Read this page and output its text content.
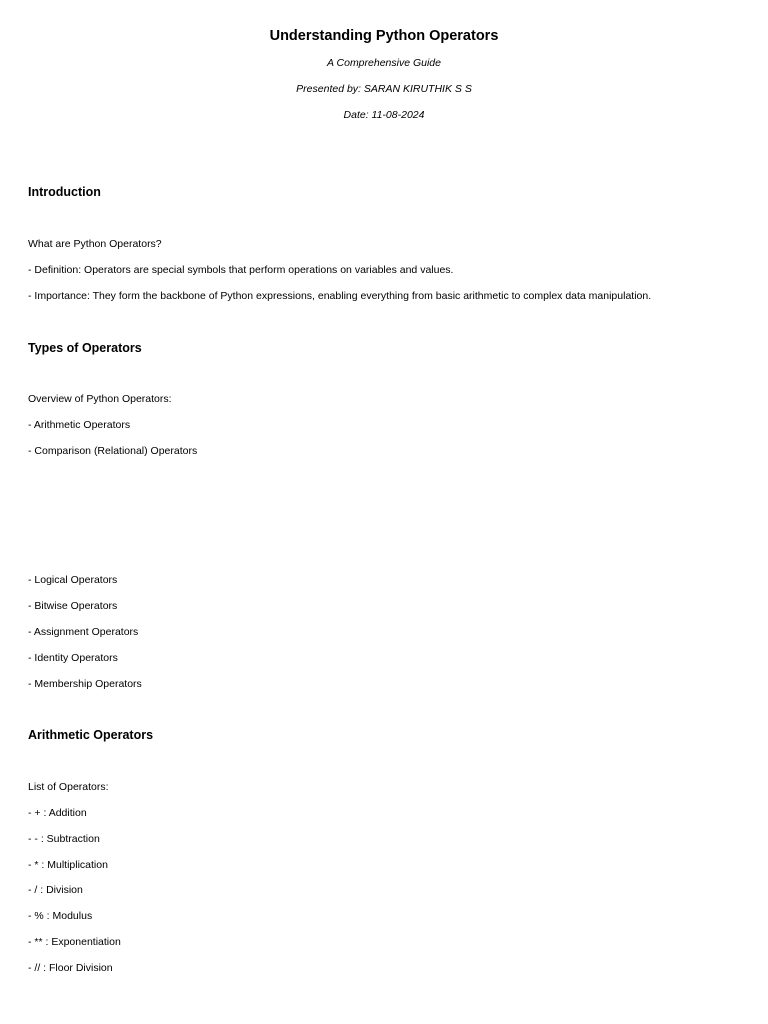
Understanding Python Operators
A Comprehensive Guide
Presented by: SARAN KIRUTHIK S S
Date: 11-08-2024
Introduction
What are Python Operators?
- Definition: Operators are special symbols that perform operations on variables and values.
- Importance: They form the backbone of Python expressions, enabling everything from basic arithmetic to complex data manipulation.
Types of Operators
Overview of Python Operators:
- Arithmetic Operators
- Comparison (Relational) Operators
- Logical Operators
- Bitwise Operators
- Assignment Operators
- Identity Operators
- Membership Operators
Arithmetic Operators
List of Operators:
- + : Addition
- - : Subtraction
- * : Multiplication
- / : Division
- % : Modulus
- ** : Exponentiation
- // : Floor Division
